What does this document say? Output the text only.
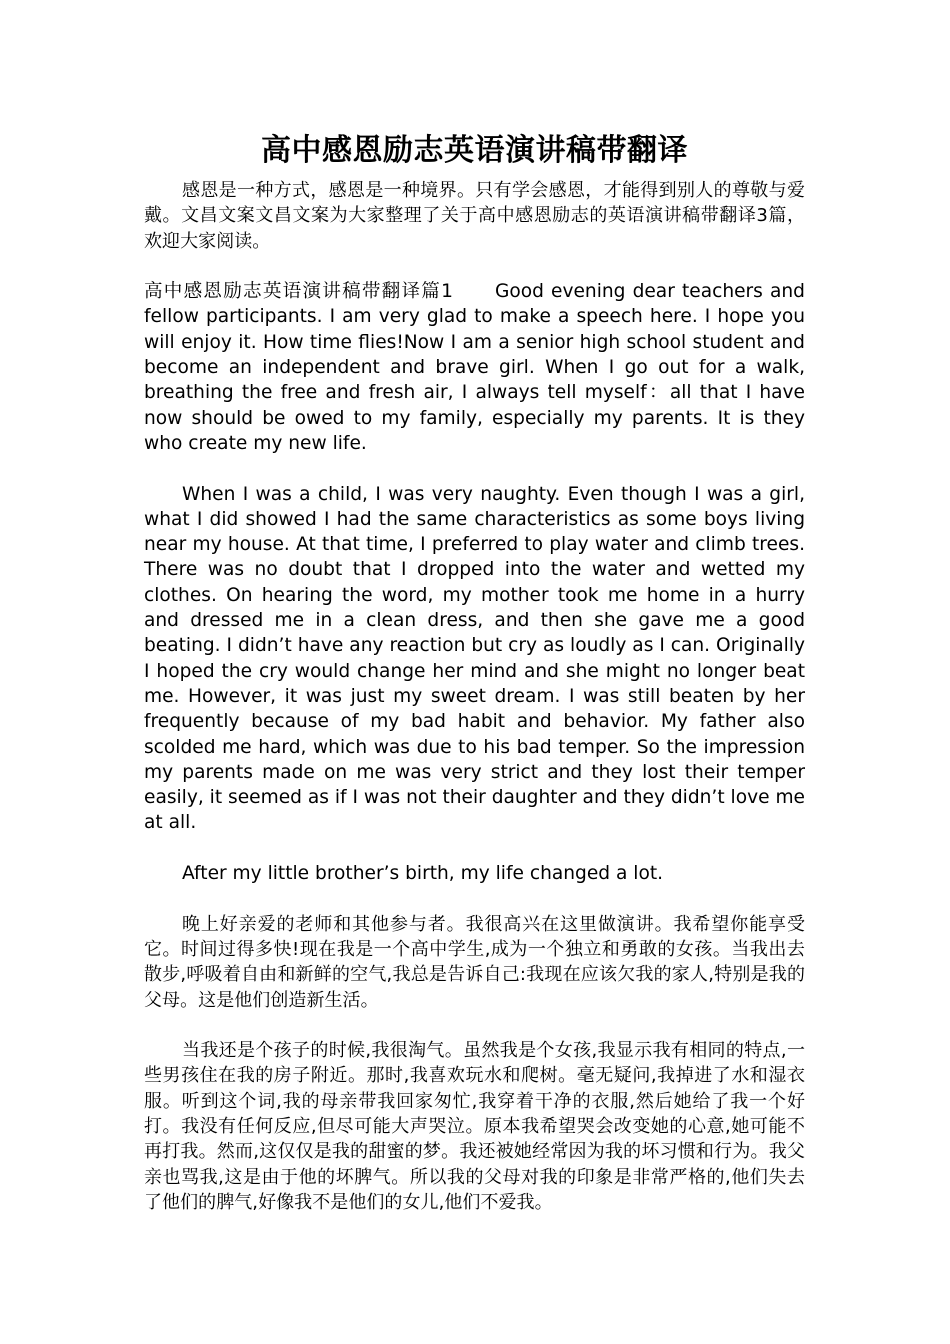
高中感恩励志英语演讲稿带翻译

感恩是一种方式，感恩是一种境界。只有学会感恩，才能得到别人的尊敬与爱戴。文昌文案文昌文案为大家整理了关于高中感恩励志的英语演讲稿带翻译3篇，欢迎大家阅读。

高中感恩励志英语演讲稿带翻译篇1 Good evening dear teachers and fellow participants. I am very glad to make a speech here. I hope you will enjoy it. How time flies!Now I am a senior high school student and become an independent and brave girl. When I go out for a walk, breathing the free and fresh air, I always tell myself：all that I have now should be owed to my family, especially my parents. It is they who create my new life.

When I was a child, I was very naughty. Even though I was a girl, what I did showed I had the same characteristics as some boys living near my house. At that time, I preferred to play water and climb trees. There was no doubt that I dropped into the water and wetted my clothes. On hearing the word, my mother took me home in a hurry and dressed me in a clean dress, and then she gave me a good beating. I didn’t have any reaction but cry as loudly as I can. Originally I hoped the cry would change her mind and she might no longer beat me. However, it was just my sweet dream. I was still beaten by her frequently because of my bad habit and behavior. My father also scolded me hard, which was due to his bad temper. So the impression my parents made on me was very strict and they lost their temper easily, it seemed as if I was not their daughter and they didn’t love me at all.

After my little brother’s birth, my life changed a lot.

晚上好亲爱的老师和其他参与者。我很高兴在这里做演讲。我希望你能享受它。时间过得多快!现在我是一个高中学生,成为一个独立和勇敢的女孩。当我出去散步,呼吸着自由和新鲜的空气,我总是告诉自己:我现在应该欠我的家人,特别是我的父母。这是他们创造新生活。

当我还是个孩子的时候,我很淘气。虽然我是个女孩,我显示我有相同的特点,一些男孩住在我的房子附近。那时,我喜欢玩水和爬树。毫无疑问,我掉进了水和湿衣服。听到这个词,我的母亲带我回家匆忙,我穿着干净的衣服,然后她给了我一个好打。我没有任何反应,但尽可能大声哭泣。原本我希望哭会改变她的心意,她可能不再打我。然而,这仅仅是我的甜蜜的梦。我还被她经常因为我的坏习惯和行为。我父亲也骂我,这是由于他的坏脾气。所以我的父母对我的印象是非常严格的,他们失去了他们的脾气,好像我不是他们的女儿,他们不爱我。
